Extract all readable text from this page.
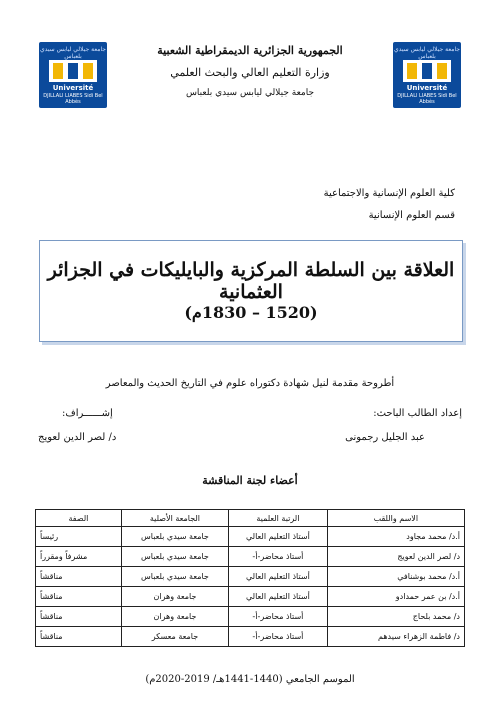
جامعة جيلالي ليابس سيدي بلعباس
Université
DJILLALI LIABES Sidi Bel Abbès
جامعة جيلالي ليابس سيدي بلعباس
Université
DJILLALI LIABES Sidi Bel Abbès
الجمهورية الجزائرية الديمقراطية الشعبية
وزارة التعليم العالي والبحث العلمي
جامعة جيلالي ليابس سيدي بلعباس
كلية العلوم الإنسانية والاجتماعية
قسم العلوم الإنسانية
العلاقة بين السلطة المركزية والبايليكات في الجزائر العثمانية
(1520 – 1830م)
أطروحة مقدمة لنيل شهادة دكتوراه علوم في التاريخ الحديث والمعاصر
إعداد الطالب الباحث:
إشــــــراف:
عبد الجليل رجمونى
د/ لصر الدين لعويج
أعضاء لجنة المناقشة
الاسم واللقب	الرتبة العلمية	الجامعة الأصلية	الصفة
أ.د/ محمد مجاود	أستاذ التعليم العالي	جامعة سيدي بلعباس	رئيساً
د/ لصر الدين لعويج	أستاذ محاضر-أ-	جامعة سيدي بلعباس	مشرفاً ومقرراً
أ.د/ محمد بوشنافي	أستاذ التعليم العالي	جامعة سيدي بلعباس	مناقشاً
أ.د/ بن عمر حمدادو	أستاذ التعليم العالي	جامعة وهران	مناقشاً
د/ محمد بلحاج	أستاذ محاضر-أ-	جامعة وهران	مناقشاً
د/ فاطمة الزهراء سيدهم	أستاذ محاضر-أ-	جامعة معسكر	مناقشاً
الموسم الجامعي (1440-1441هـ/ 2019-2020م)
